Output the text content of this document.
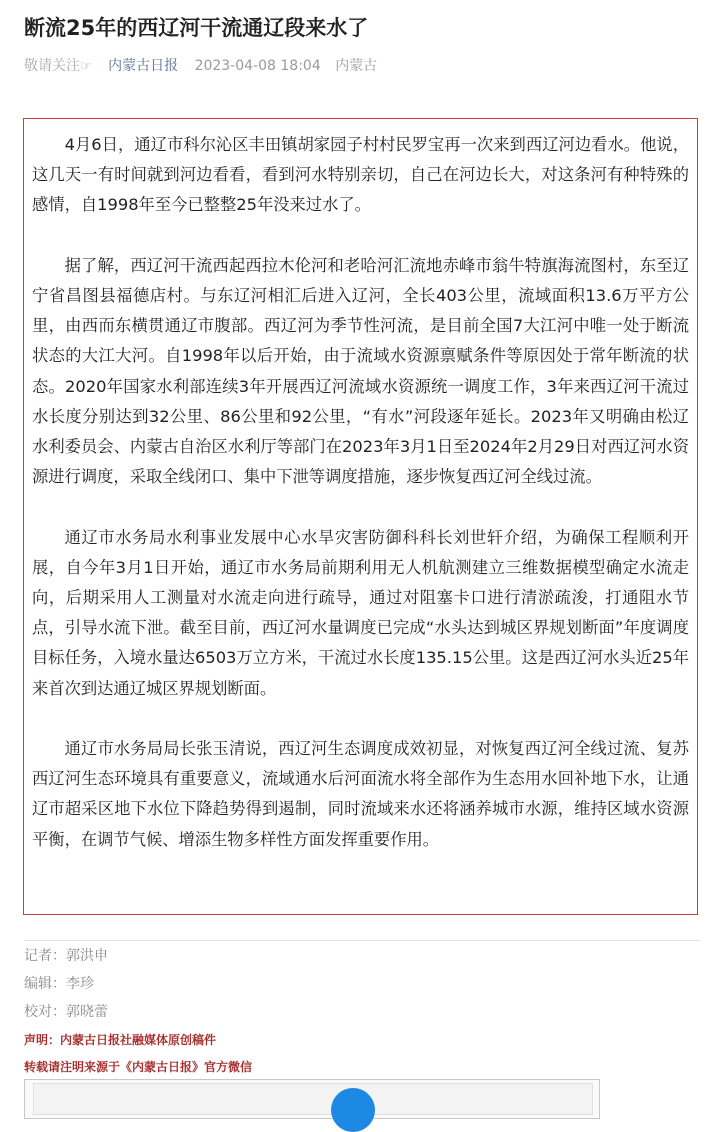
断流25年的西辽河干流通辽段来水了
敬请关注☞ 内蒙古日报 2023-04-08 18:04 内蒙古

4月6日，通辽市科尔沁区丰田镇胡家园子村村民罗宝再一次来到西辽河边看水。他说，这几天一有时间就到河边看看，看到河水特别亲切，自己在河边长大，对这条河有种特殊的感情，自1998年至今已整整25年没来过水了。

据了解，西辽河干流西起西拉木伦河和老哈河汇流地赤峰市翁牛特旗海流图村，东至辽宁省昌图县福德店村。与东辽河相汇后进入辽河，全长403公里，流域面积13.6万平方公里，由西而东横贯通辽市腹部。西辽河为季节性河流，是目前全国7大江河中唯一处于断流状态的大江大河。自1998年以后开始，由于流域水资源禀赋条件等原因处于常年断流的状态。2020年国家水利部连续3年开展西辽河流域水资源统一调度工作，3年来西辽河干流过水长度分别达到32公里、86公里和92公里，“有水”河段逐年延长。2023年又明确由松辽水利委员会、内蒙古自治区水利厅等部门在2023年3月1日至2024年2月29日对西辽河水资源进行调度，采取全线闭口、集中下泄等调度措施，逐步恢复西辽河全线过流。

通辽市水务局水利事业发展中心水旱灾害防御科科长刘世轩介绍，为确保工程顺利开展，自今年3月1日开始，通辽市水务局前期利用无人机航测建立三维数据模型确定水流走向，后期采用人工测量对水流走向进行疏导，通过对阻塞卡口进行清淤疏浚，打通阻水节点，引导水流下泄。截至目前，西辽河水量调度已完成“水头达到城区界规划断面”年度调度目标任务，入境水量达6503万立方米，干流过水长度135.15公里。这是西辽河水头近25年来首次到达通辽城区界规划断面。

通辽市水务局局长张玉清说，西辽河生态调度成效初显，对恢复西辽河全线过流、复苏西辽河生态环境具有重要意义，流域通水后河面流水将全部作为生态用水回补地下水，让通辽市超采区地下水位下降趋势得到遏制，同时流域来水还将涵养城市水源，维持区域水资源平衡，在调节气候、增添生物多样性方面发挥重要作用。

记者：郭洪申
编辑：李珍
校对：郭晓蕾
声明：内蒙古日报社融媒体原创稿件
转载请注明来源于《内蒙古日报》官方微信
